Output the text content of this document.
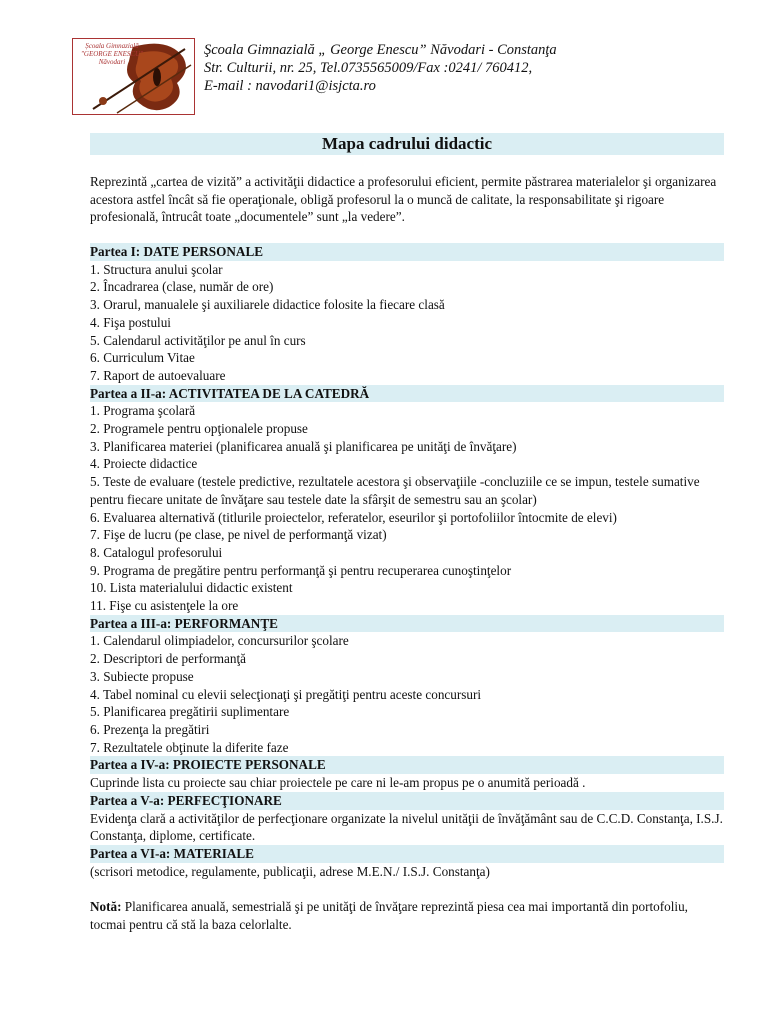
Școala Gimnazială
"GEORGE ENESCU"
Năvodari
Şcoala Gimnazială „ George Enescu” Năvodari - Constanţa
Str. Culturii, nr. 25, Tel.0735565009/Fax :0241/ 760412,
E-mail : navodari1@isjcta.ro
Mapa cadrului didactic
Reprezintă „cartea de vizită” a activităţii didactice a profesorului eficient, permite păstrarea materialelor şi organizarea acestora astfel încât să fie operaţionale, obligă profesorul la o muncă de calitate, la responsabilitate şi rigoare profesională, întrucât toate „documentele” sunt „la vedere”.
Partea I: DATE PERSONALE
1. Structura anului şcolar
2. Încadrarea (clase, număr de ore)
3. Orarul, manualele şi auxiliarele didactice folosite la fiecare clasă
4. Fişa postului
5. Calendarul activităţilor pe anul în curs
6. Curriculum Vitae
7. Raport de autoevaluare
Partea a II-a: ACTIVITATEA DE LA CATEDRĂ
1. Programa şcolară
2. Programele pentru opţionalele propuse
3. Planificarea materiei (planificarea anuală şi planificarea pe unităţi de învăţare)
4. Proiecte didactice
5. Teste de evaluare (testele predictive, rezultatele acestora şi observaţiile -concluziile ce se impun, testele sumative pentru fiecare unitate de învăţare sau testele date la sfârşit de semestru sau an şcolar)
6. Evaluarea alternativă (titlurile proiectelor, referatelor, eseurilor şi portofoliilor întocmite de elevi)
7. Fişe de lucru (pe clase, pe nivel de performanţă vizat)
8. Catalogul profesorului
9. Programa de pregătire pentru performanţă şi pentru recuperarea cunoştinţelor
10. Lista materialului didactic existent
11. Fişe cu asistenţele la ore
Partea a III-a: PERFORMANŢE
1. Calendarul olimpiadelor, concursurilor şcolare
2. Descriptori de performanţă
3. Subiecte propuse
4. Tabel nominal cu elevii selecţionaţi şi pregătiţi pentru aceste concursuri
5. Planificarea pregătirii suplimentare
6. Prezenţa la pregătiri
7. Rezultatele obţinute la diferite faze
Partea a IV-a: PROIECTE PERSONALE
Cuprinde lista cu proiecte sau chiar proiectele pe care ni le-am propus pe o anumită perioadă .
Partea a V-a: PERFECŢIONARE
Evidenţa clară a activităţilor de perfecţionare organizate la nivelul unităţii de învăţământ sau de C.C.D. Constanţa, I.S.J. Constanţa, diplome, certificate.
Partea a VI-a: MATERIALE
(scrisori metodice, regulamente, publicaţii, adrese M.E.N./ I.S.J. Constanţa)
Notă: Planificarea anuală, semestrială şi pe unităţi de învăţare reprezintă piesa cea mai importantă din portofoliu, tocmai pentru că stă la baza celorlalte.
